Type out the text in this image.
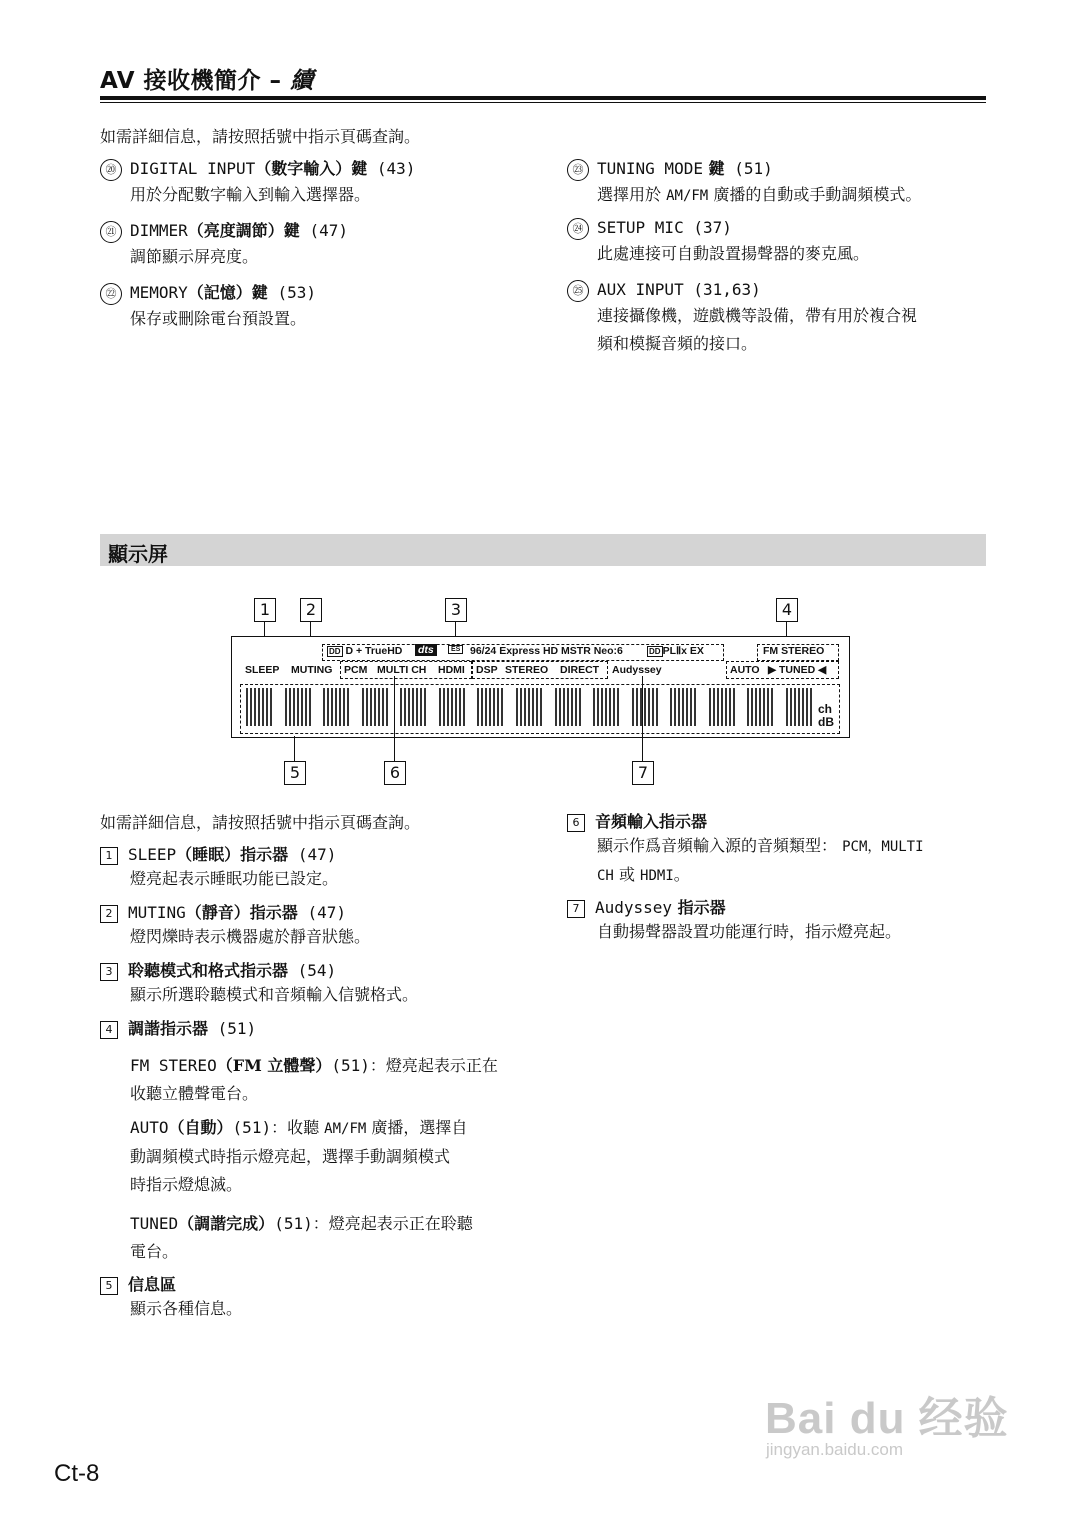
AV 接收機簡介 – 續
如需詳細信息，請按照括號中指示頁碼查詢。
⑳ DIGITAL INPUT（數字輸入）鍵 (43)
用於分配數字輸入到輸入選擇器。
㉑ DIMMER（亮度調節）鍵 (47)
調節顯示屏亮度。
㉒ MEMORY（記憶）鍵 (53)
保存或刪除電台預設置。
㉓ TUNING MODE 鍵 (51)
選擇用於 AM/FM 廣播的自動或手動調頻模式。
㉔ SETUP MIC (37)
此處連接可自動設置揚聲器的麥克風。
㉕ AUX INPUT (31,63)
連接攝像機，遊戲機等設備，帶有用於複合視
頻和模擬音頻的接口。
顯示屏
1	2	3	4
DD D + TrueHD dts	ES 96/24 Express HD MSTR Neo:6	DD PLⅡx EX	FM STEREO
SLEEP MUTING PCM MULTI CH HDMI DSP STEREO DIRECT Audyssey	AUTO ▶ TUNED ◀
ch
dB
5	6	7
如需詳細信息，請按照括號中指示頁碼查詢。
1 SLEEP（睡眠）指示器 (47)
燈亮起表示睡眠功能已設定。
2 MUTING（靜音）指示器 (47)
燈閃爍時表示機器處於靜音狀態。
3 聆聽模式和格式指示器 (54)
顯示所選聆聽模式和音頻輸入信號格式。
4 調諧指示器 (51)
FM STEREO（FM 立體聲）(51)：燈亮起表示正在
收聽立體聲電台。
AUTO（自動）(51)：收聽 AM/FM 廣播，選擇自
動調頻模式時指示燈亮起，選擇手動調頻模式
時指示燈熄滅。
TUNED（調諧完成）(51)：燈亮起表示正在聆聽
電台。
5 信息區
顯示各種信息。
6 音頻輸入指示器
顯示作爲音頻輸入源的音頻類型： PCM，MULTI
CH 或 HDMI。
7 Audyssey 指示器
自動揚聲器設置功能運行時，指示燈亮起。
Ct-8
Bai du 经验
jingyan.baidu.com
